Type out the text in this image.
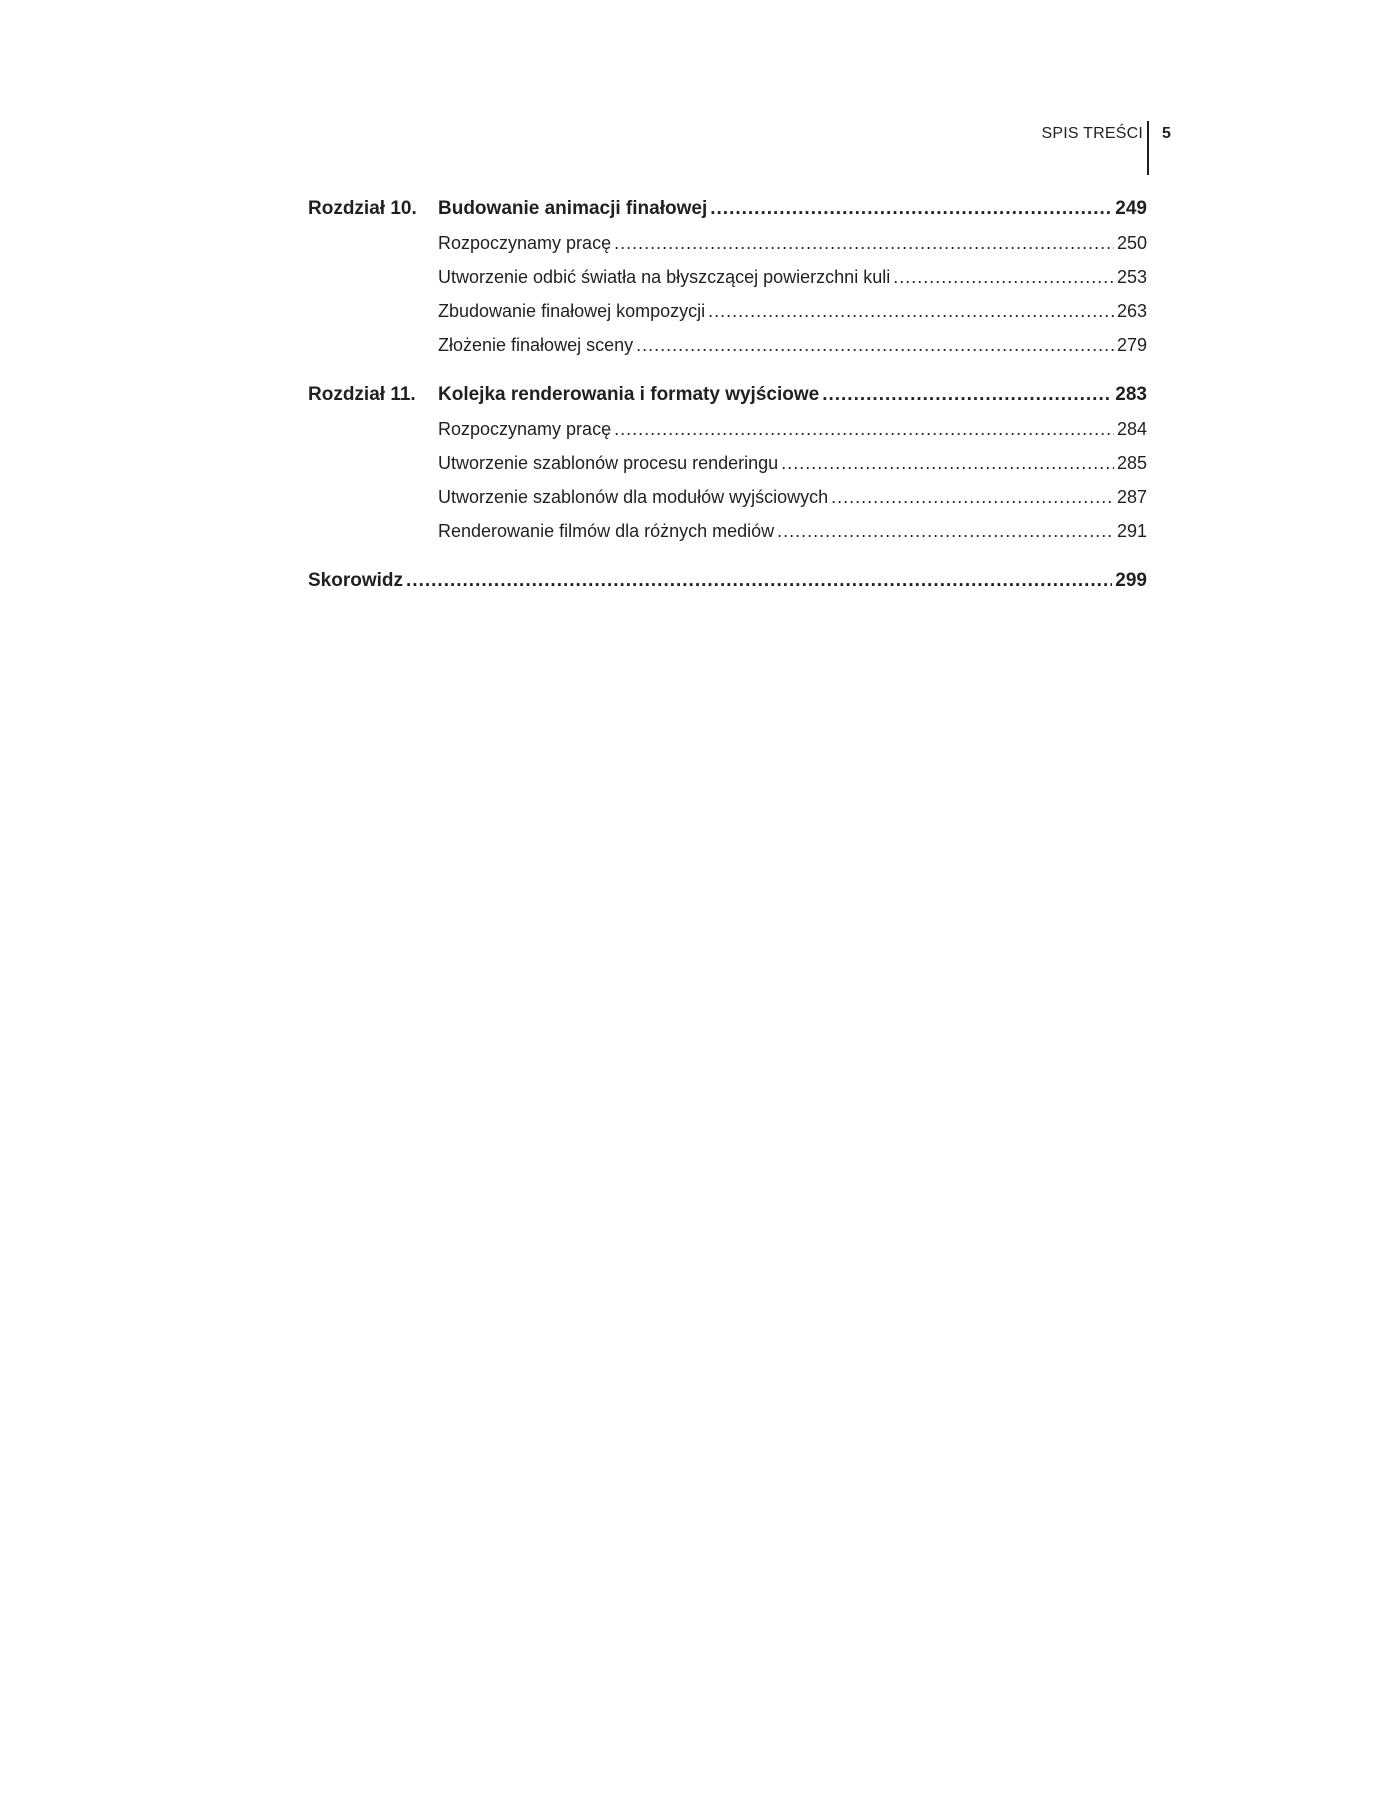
SPIS TREŚCI 5
Rozdział 10.	Budowanie animacji finałowej .....	249
Rozpoczynamy pracę .....	250
Utworzenie odbić światła na błyszczącej powierzchni kuli .....	253
Zbudowanie finałowej kompozycji .....	263
Złożenie finałowej sceny .....	279
Rozdział 11.	Kolejka renderowania i formaty wyjściowe .....	283
Rozpoczynamy pracę .....	284
Utworzenie szablonów procesu renderingu .....	285
Utworzenie szablonów dla modułów wyjściowych .....	287
Renderowanie filmów dla różnych mediów .....	291
Skorowidz .....	299
